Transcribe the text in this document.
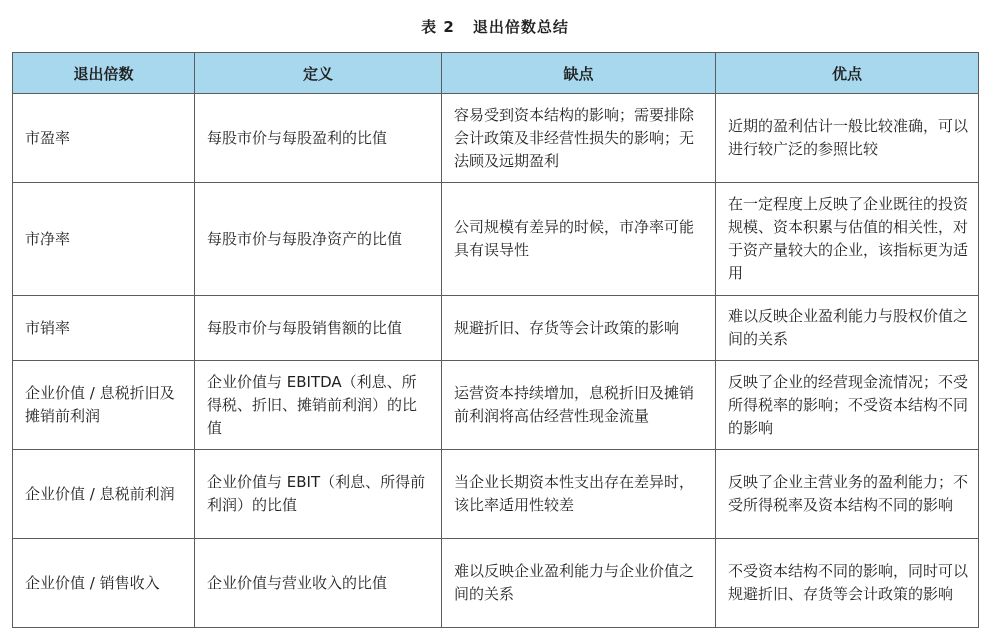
表 2 退出倍数总结
退出倍数	定义	缺点	优点
市盈率	每股市价与每股盈利的比值	容易受到资本结构的影响；需要排除会计政策及非经营性损失的影响；无法顾及远期盈利	近期的盈利估计一般比较准确，可以进行较广泛的参照比较
市净率	每股市价与每股净资产的比值	公司规模有差异的时候，市净率可能具有误导性	在一定程度上反映了企业既往的投资规模、资本积累与估值的相关性，对于资产量较大的企业，该指标更为适用
市销率	每股市价与每股销售额的比值	规避折旧、存货等会计政策的影响	难以反映企业盈利能力与股权价值之间的关系
企业价值 / 息税折旧及摊销前利润	企业价值与 EBITDA（利息、所得税、折旧、摊销前利润）的比值	运营资本持续增加，息税折旧及摊销前利润将高估经营性现金流量	反映了企业的经营现金流情况；不受所得税率的影响；不受资本结构不同的影响
企业价值 / 息税前利润	企业价值与 EBIT（利息、所得前利润）的比值	当企业长期资本性支出存在差异时，该比率适用性较差	反映了企业主营业务的盈利能力；不受所得税率及资本结构不同的影响
企业价值 / 销售收入	企业价值与营业收入的比值	难以反映企业盈利能力与企业价值之间的关系	不受资本结构不同的影响，同时可以规避折旧、存货等会计政策的影响
